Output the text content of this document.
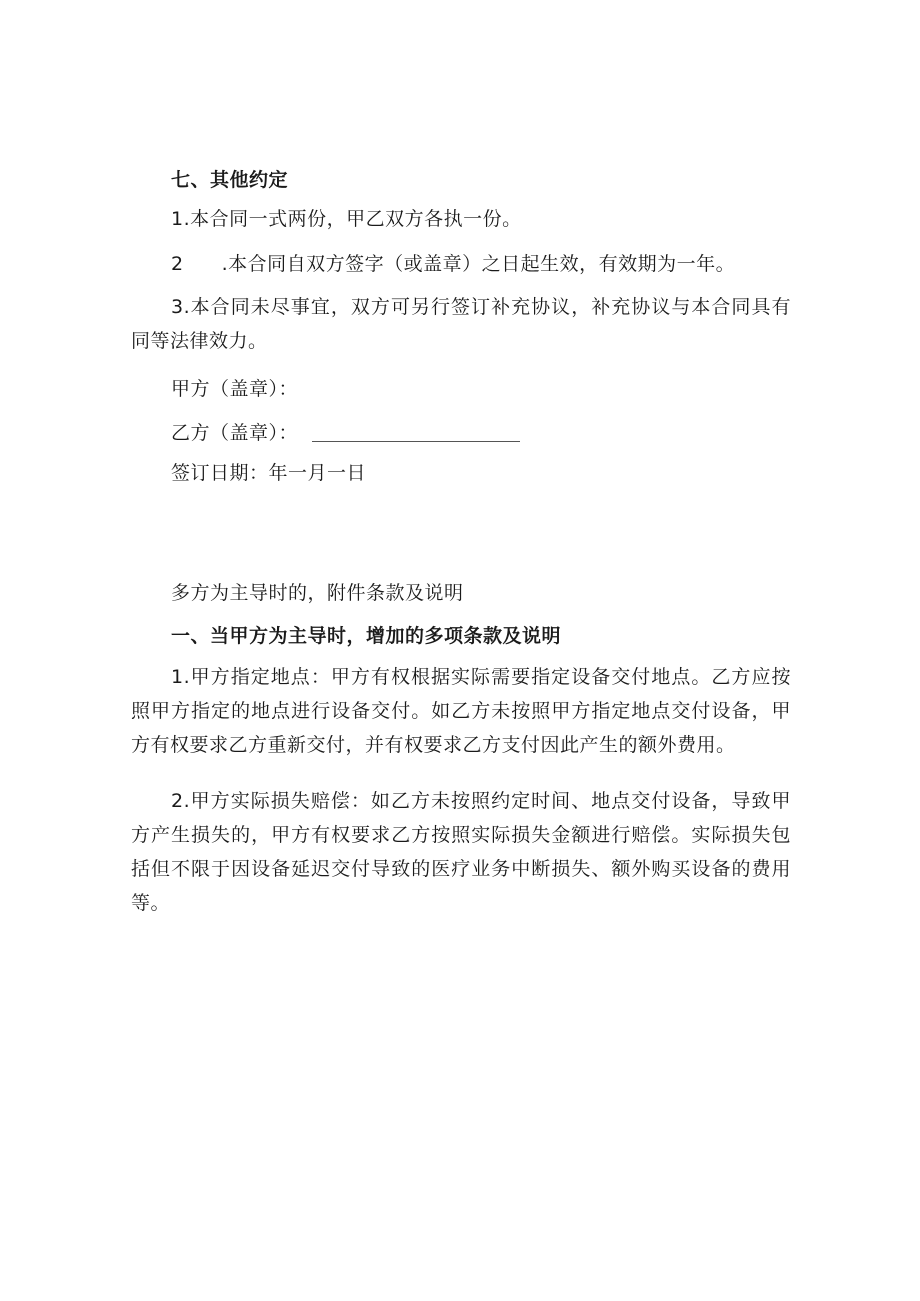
七、其他约定
1.本合同一式两份，甲乙双方各执一份。
2 .本合同自双方签字（或盖章）之日起生效，有效期为一年。
3.本合同未尽事宜，双方可另行签订补充协议，补充协议与本合同具有同等法律效力。
甲方（盖章）：
乙方（盖章）：
签订日期：年一月一日
多方为主导时的，附件条款及说明
一、当甲方为主导时，增加的多项条款及说明
1.甲方指定地点：甲方有权根据实际需要指定设备交付地点。乙方应按照甲方指定的地点进行设备交付。如乙方未按照甲方指定地点交付设备，甲方有权要求乙方重新交付，并有权要求乙方支付因此产生的额外费用。
2.甲方实际损失赔偿：如乙方未按照约定时间、地点交付设备，导致甲方产生损失的，甲方有权要求乙方按照实际损失金额进行赔偿。实际损失包括但不限于因设备延迟交付导致的医疗业务中断损失、额外购买设备的费用等。
